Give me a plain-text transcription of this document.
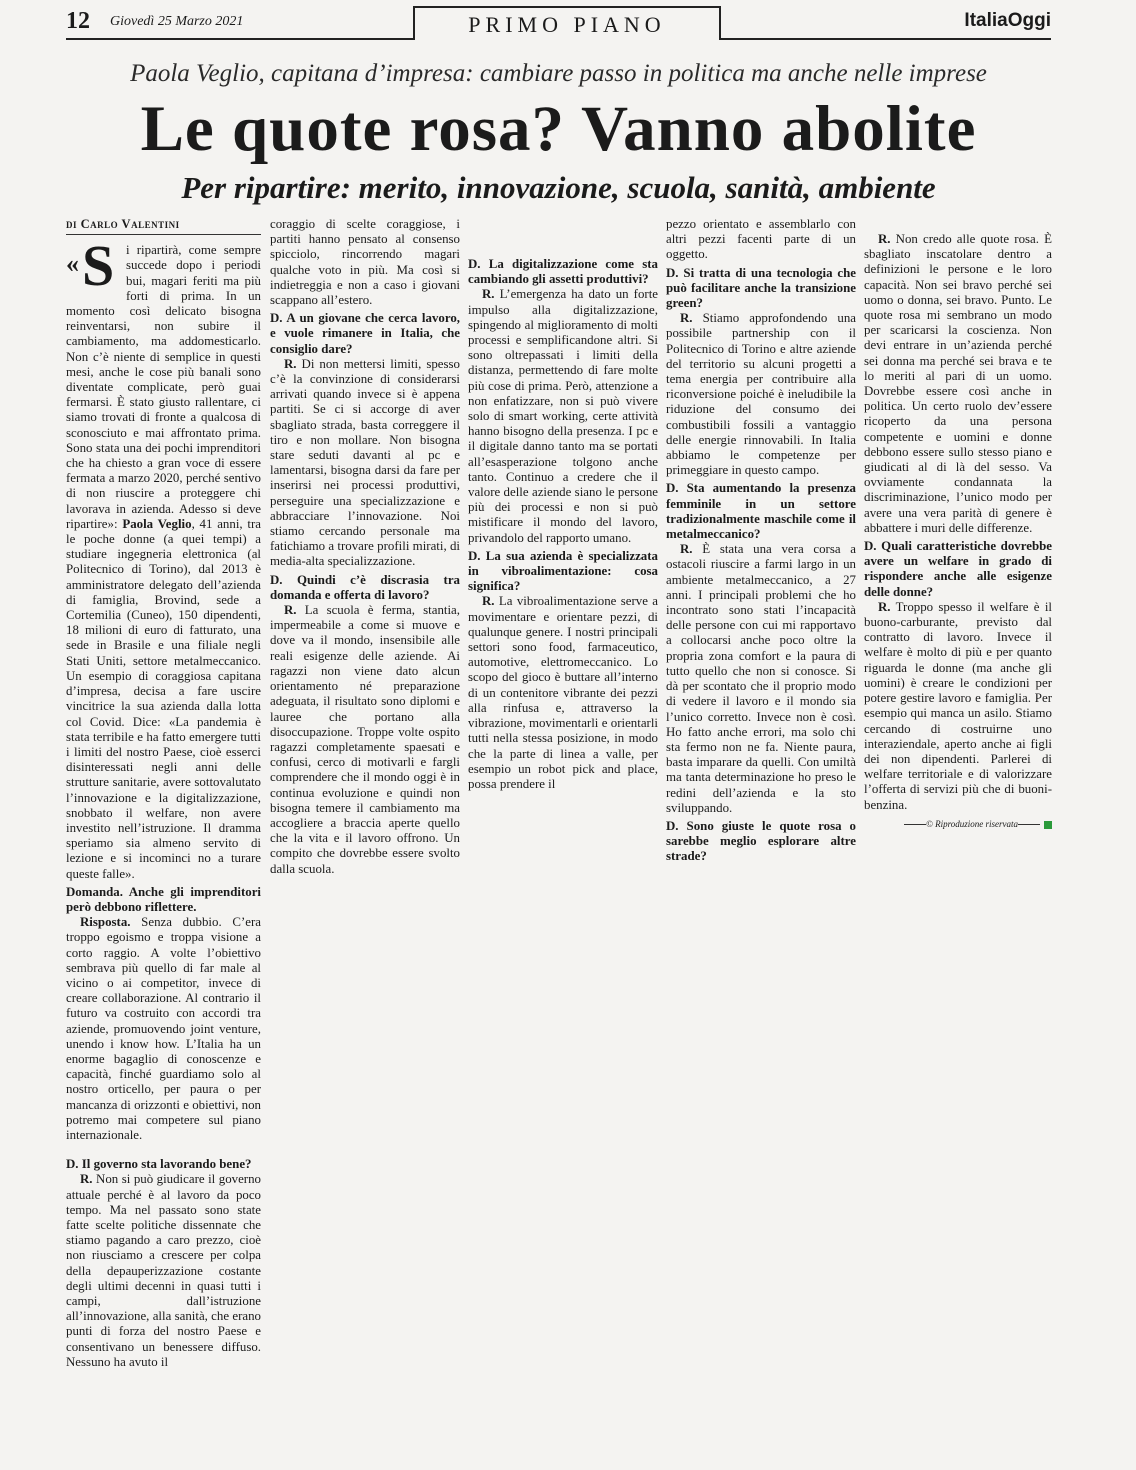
12 Giovedì 25 Marzo 2021	PRIMO PIANO	ItaliaOggi
Paola Veglio, capitana d’impresa: cambiare passo in politica ma anche nelle imprese
Le quote rosa? Vanno abolite
Per ripartire: merito, innovazione, scuola, sanità, ambiente
di Carlo Valentini

« S i ripartirà, come sempre succede dopo i periodi bui, magari feriti ma più forti di prima. In un momento così delicato bisogna reinventarsi, non subire il cambiamento, ma addomesticarlo. Non c’è niente di semplice in questi mesi, anche le cose più banali sono diventate complicate, però guai fermarsi. È stato giusto rallentare, ci siamo trovati di fronte a qualcosa di sconosciuto e mai affrontato prima. Sono stata una dei pochi imprenditori che ha chiesto a gran voce di essere fermata a marzo 2020, perché sentivo di non riuscire a proteggere chi lavorava in azienda. Adesso si deve ripartire»: Paola Veglio, 41 anni, tra le poche donne (a quei tempi) a studiare ingegneria elettronica (al Politecnico di Torino), dal 2013 è amministratore delegato dell’azienda di famiglia, Brovind, sede a Cortemilia (Cuneo), 150 dipendenti, 18 milioni di euro di fatturato, una sede in Brasile e una filiale negli Stati Uniti, settore metalmeccanico. Un esempio di coraggiosa capitana d’impresa, decisa a fare uscire vincitrice la sua azienda dalla lotta col Covid. Dice: «La pandemia è stata terribile e ha fatto emergere tutti i limiti del nostro Paese, cioè esserci disinteressati negli anni delle strutture sanitarie, avere sottovalutato l’innovazione e la digitalizzazione, snobbato il welfare, non avere investito nell’istruzione. Il dramma speriamo sia almeno servito di lezione e si incominci no a turare queste falle».

Domanda. Anche gli imprenditori però debbono riflettere.

Risposta. Senza dubbio. C’era troppo egoismo e troppa visione a corto raggio. A volte l’obiettivo sembrava più quello di far male al vicino o ai competitor, invece di creare collaborazione. Al contrario il futuro va costruito con accordi tra aziende, promuovendo joint venture, unendo i know how. L’Italia ha un enorme bagaglio di conoscenze e capacità, finché guardiamo solo al nostro orticello, per paura o per mancanza di orizzonti e obiettivi, non potremo mai competere sul piano internazionale.

D. Il governo sta lavorando bene?

R. Non si può giudicare il governo attuale perché è al lavoro da poco tempo. Ma nel passato sono state fatte scelte politiche dissennate che stiamo pagando a caro prezzo, cioè non riusciamo a crescere per colpa della depauperizzazione costante degli ultimi decenni in quasi tutti i campi, dall’istruzione all’innovazione, alla sanità, che erano punti di forza del nostro Paese e consentivano un benessere diffuso. Nessuno ha avuto il

coraggio di scelte coraggiose, i partiti hanno pensato al consenso spicciolo, rincorrendo magari qualche voto in più. Ma così si indietreggia e non a caso i giovani scappano all’estero.

D. A un giovane che cerca lavoro, e vuole rimanere in Italia, che consiglio dare?

R. Di non mettersi limiti, spesso c’è la convinzione di considerarsi arrivati quando invece si è appena partiti. Se ci si accorge di aver sbagliato strada, basta correggere il tiro e non mollare. Non bisogna stare seduti davanti al pc e lamentarsi, bisogna darsi da fare per inserirsi nei processi produttivi, perseguire una specializzazione e abbracciare l’innovazione. Noi stiamo cercando personale ma fatichiamo a trovare profili mirati, di media-alta specializzazione.

D. Quindi c’è discrasia tra domanda e offerta di lavoro?

R. La scuola è ferma, stantia, impermeabile a come si muove e dove va il mondo, insensibile alle reali esigenze delle aziende. Ai ragazzi non viene dato alcun orientamento né preparazione adeguata, il risultato sono diplomi e lauree che portano alla disoccupazione. Troppe volte ospito ragazzi completamente spaesati e confusi, cerco di motivarli e fargli comprendere che il mondo oggi è in continua evoluzione e quindi non bisogna temere il cambiamento ma accogliere a braccia aperte quello che la vita e il lavoro offrono. Un compito che dovrebbe essere svolto dalla scuola.

D. La digitalizzazione come sta cambiando gli assetti produttivi?

R. L’emergenza ha dato un forte impulso alla digitalizzazione, spingendo al miglioramento di molti processi e semplificandone altri. Si sono oltrepassati i limiti della distanza, permettendo di fare molte più cose di prima. Però, attenzione a non enfatizzare, non si può vivere solo di smart working, certe attività hanno bisogno della presenza. I pc e il digitale danno tanto ma se portati all’esasperazione tolgono anche tanto. Continuo a credere che il valore delle aziende siano le persone più dei processi e non si può mistificare il mondo del lavoro, privandolo del rapporto umano.

D. La sua azienda è specializzata in vibroalimentazione: cosa significa?

R. La vibroalimentazione serve a movimentare e orientare pezzi, di qualunque genere. I nostri principali settori sono food, farmaceutico, automotive, elettromeccanico. Lo scopo del gioco è buttare all’interno di un contenitore vibrante dei pezzi alla rinfusa e, attraverso la vibrazione, movimentarli e orientarli tutti nella stessa posizione, in modo che la parte di linea a valle, per esempio un robot pick and place, possa prendere il

pezzo orientato e assemblarlo con altri pezzi facenti parte di un oggetto.

D. Si tratta di una tecnologia che può facilitare anche la transizione green?

R. Stiamo approfondendo una possibile partnership con il Politecnico di Torino e altre aziende del territorio su alcuni progetti a tema energia per contribuire alla riconversione poiché è ineludibile la riduzione del consumo dei combustibili fossili a vantaggio delle energie rinnovabili. In Italia abbiamo le competenze per primeggiare in questo campo.

D. Sta aumentando la presenza femminile in un settore tradizionalmente maschile come il metalmeccanico?

R. È stata una vera corsa a ostacoli riuscire a farmi largo in un ambiente metalmeccanico, a 27 anni. I principali problemi che ho incontrato sono stati l’incapacità delle persone con cui mi rapportavo a collocarsi anche poco oltre la propria zona comfort e la paura di tutto quello che non si conosce. Si dà per scontato che il proprio modo di vedere il lavoro e il mondo sia l’unico corretto. Invece non è così. Ho fatto anche errori, ma solo chi sta fermo non ne fa. Niente paura, basta imparare da quelli. Con umiltà ma tanta determinazione ho preso le redini dell’azienda e la sto sviluppando.

D. Sono giuste le quote rosa o sarebbe meglio esplorare altre strade?

R. Non credo alle quote rosa. È sbagliato inscatolare dentro a definizioni le persone e le loro capacità. Non sei bravo perché sei uomo o donna, sei bravo. Punto. Le quote rosa mi sembrano un modo per scaricarsi la coscienza. Non devi entrare in un’azienda perché sei donna ma perché sei brava e te lo meriti al pari di un uomo. Dovrebbe essere così anche in politica. Un certo ruolo dev’essere ricoperto da una persona competente e uomini e donne debbono essere sullo stesso piano e giudicati al di là del sesso. Va ovviamente condannata la discriminazione, l’unico modo per avere una vera parità di genere è abbattere i muri delle differenze.

D. Quali caratteristiche dovrebbe avere un welfare in grado di rispondere anche alle esigenze delle donne?

R. Troppo spesso il welfare è il buono-carburante, previsto dal contratto di lavoro. Invece il welfare è molto di più e per quanto riguarda le donne (ma anche gli uomini) è creare le condizioni per potere gestire lavoro e famiglia. Per esempio qui manca un asilo. Stiamo cercando di costruirne uno interaziendale, aperto anche ai figli dei non dipendenti. Parlerei di welfare territoriale e di valorizzare l’offerta di servizi più che di buoni-benzina.

© Riproduzione riservata
